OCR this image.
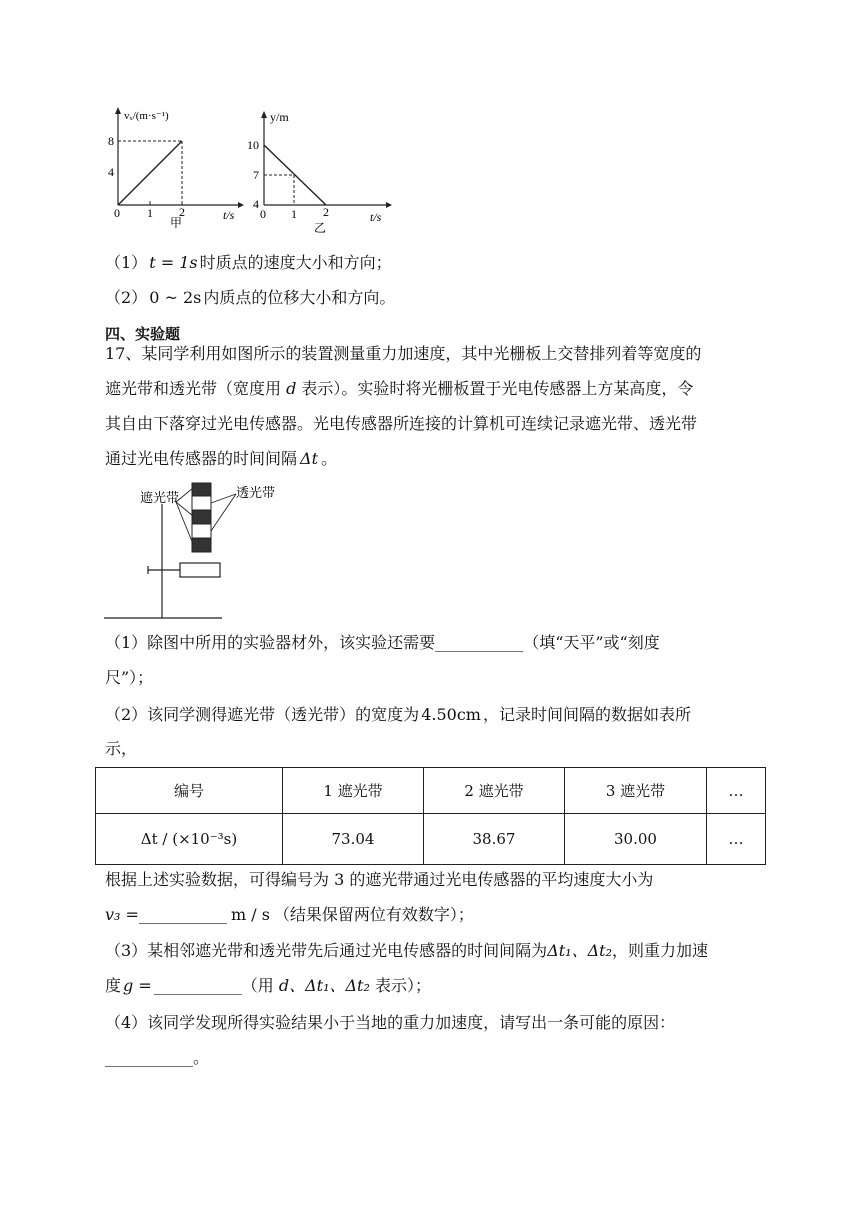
vₓ/(m·s⁻¹)
8
4
0 1 2	t/s
甲
y/m
10
7
4
0 1 2	t/s
乙
（1） t = 1s 时质点的速度大小和方向；
（2） 0 ~ 2s 内质点的位移大小和方向。
四、实验题
17、某同学利用如图所示的装置测量重力加速度，其中光栅板上交替排列着等宽度的
遮光带和透光带（宽度用 d 表示）。实验时将光栅板置于光电传感器上方某高度，令
其自由下落穿过光电传感器。光电传感器所连接的计算机可连续记录遮光带、透光带
通过光电传感器的时间间隔 Δt 。
遮光带	透光带
（1）除图中所用的实验器材外，该实验还需要___________（填“天平”或“刻度
尺”）；
（2）该同学测得遮光带（透光带）的宽度为 4.50cm ，记录时间间隔的数据如表所
示，
编号	1 遮光带	2 遮光带	3 遮光带	…
Δt / (×10⁻³s)	73.04	38.67	30.00	…
根据上述实验数据，可得编号为 3 的遮光带通过光电传感器的平均速度大小为
v₃ =___________ m / s （结果保留两位有效数字）；
（3）某相邻遮光带和透光带先后通过光电传感器的时间间隔为Δt₁、Δt₂，则重力加速
度 g = ___________（用 d、Δt₁、Δt₂ 表示）；
（4）该同学发现所得实验结果小于当地的重力加速度，请写出一条可能的原因：
___________。
